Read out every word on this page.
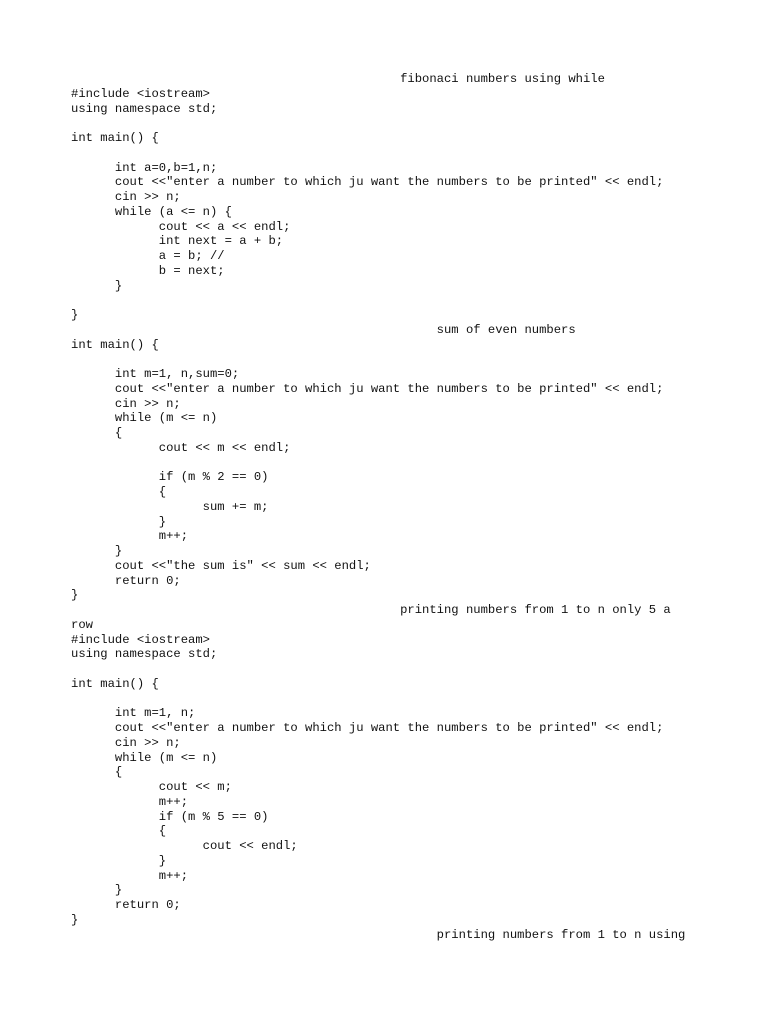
fibonaci numbers using while
#include <iostream>
using namespace std;
int main() {
int a=0,b=1,n;
cout <<"enter a number to which ju want the numbers to be printed" << endl;
cin >> n;
while (a <= n) {
cout << a << endl;
int next = a + b;
a = b; //
b = next;
}
}
sum of even numbers
int main() {
int m=1, n,sum=0;
cout <<"enter a number to which ju want the numbers to be printed" << endl;
cin >> n;
while (m <= n)
{
cout << m << endl;
if (m % 2 == 0)
{
sum += m;
}
m++;
}
cout <<"the sum is" << sum << endl;
return 0;
}
printing numbers from 1 to n only 5 a
row
#include <iostream>
using namespace std;
int main() {
int m=1, n;
cout <<"enter a number to which ju want the numbers to be printed" << endl;
cin >> n;
while (m <= n)
{
cout << m;
m++;
if (m % 5 == 0)
{
cout << endl;
}
m++;
}
return 0;
}
printing numbers from 1 to n using
